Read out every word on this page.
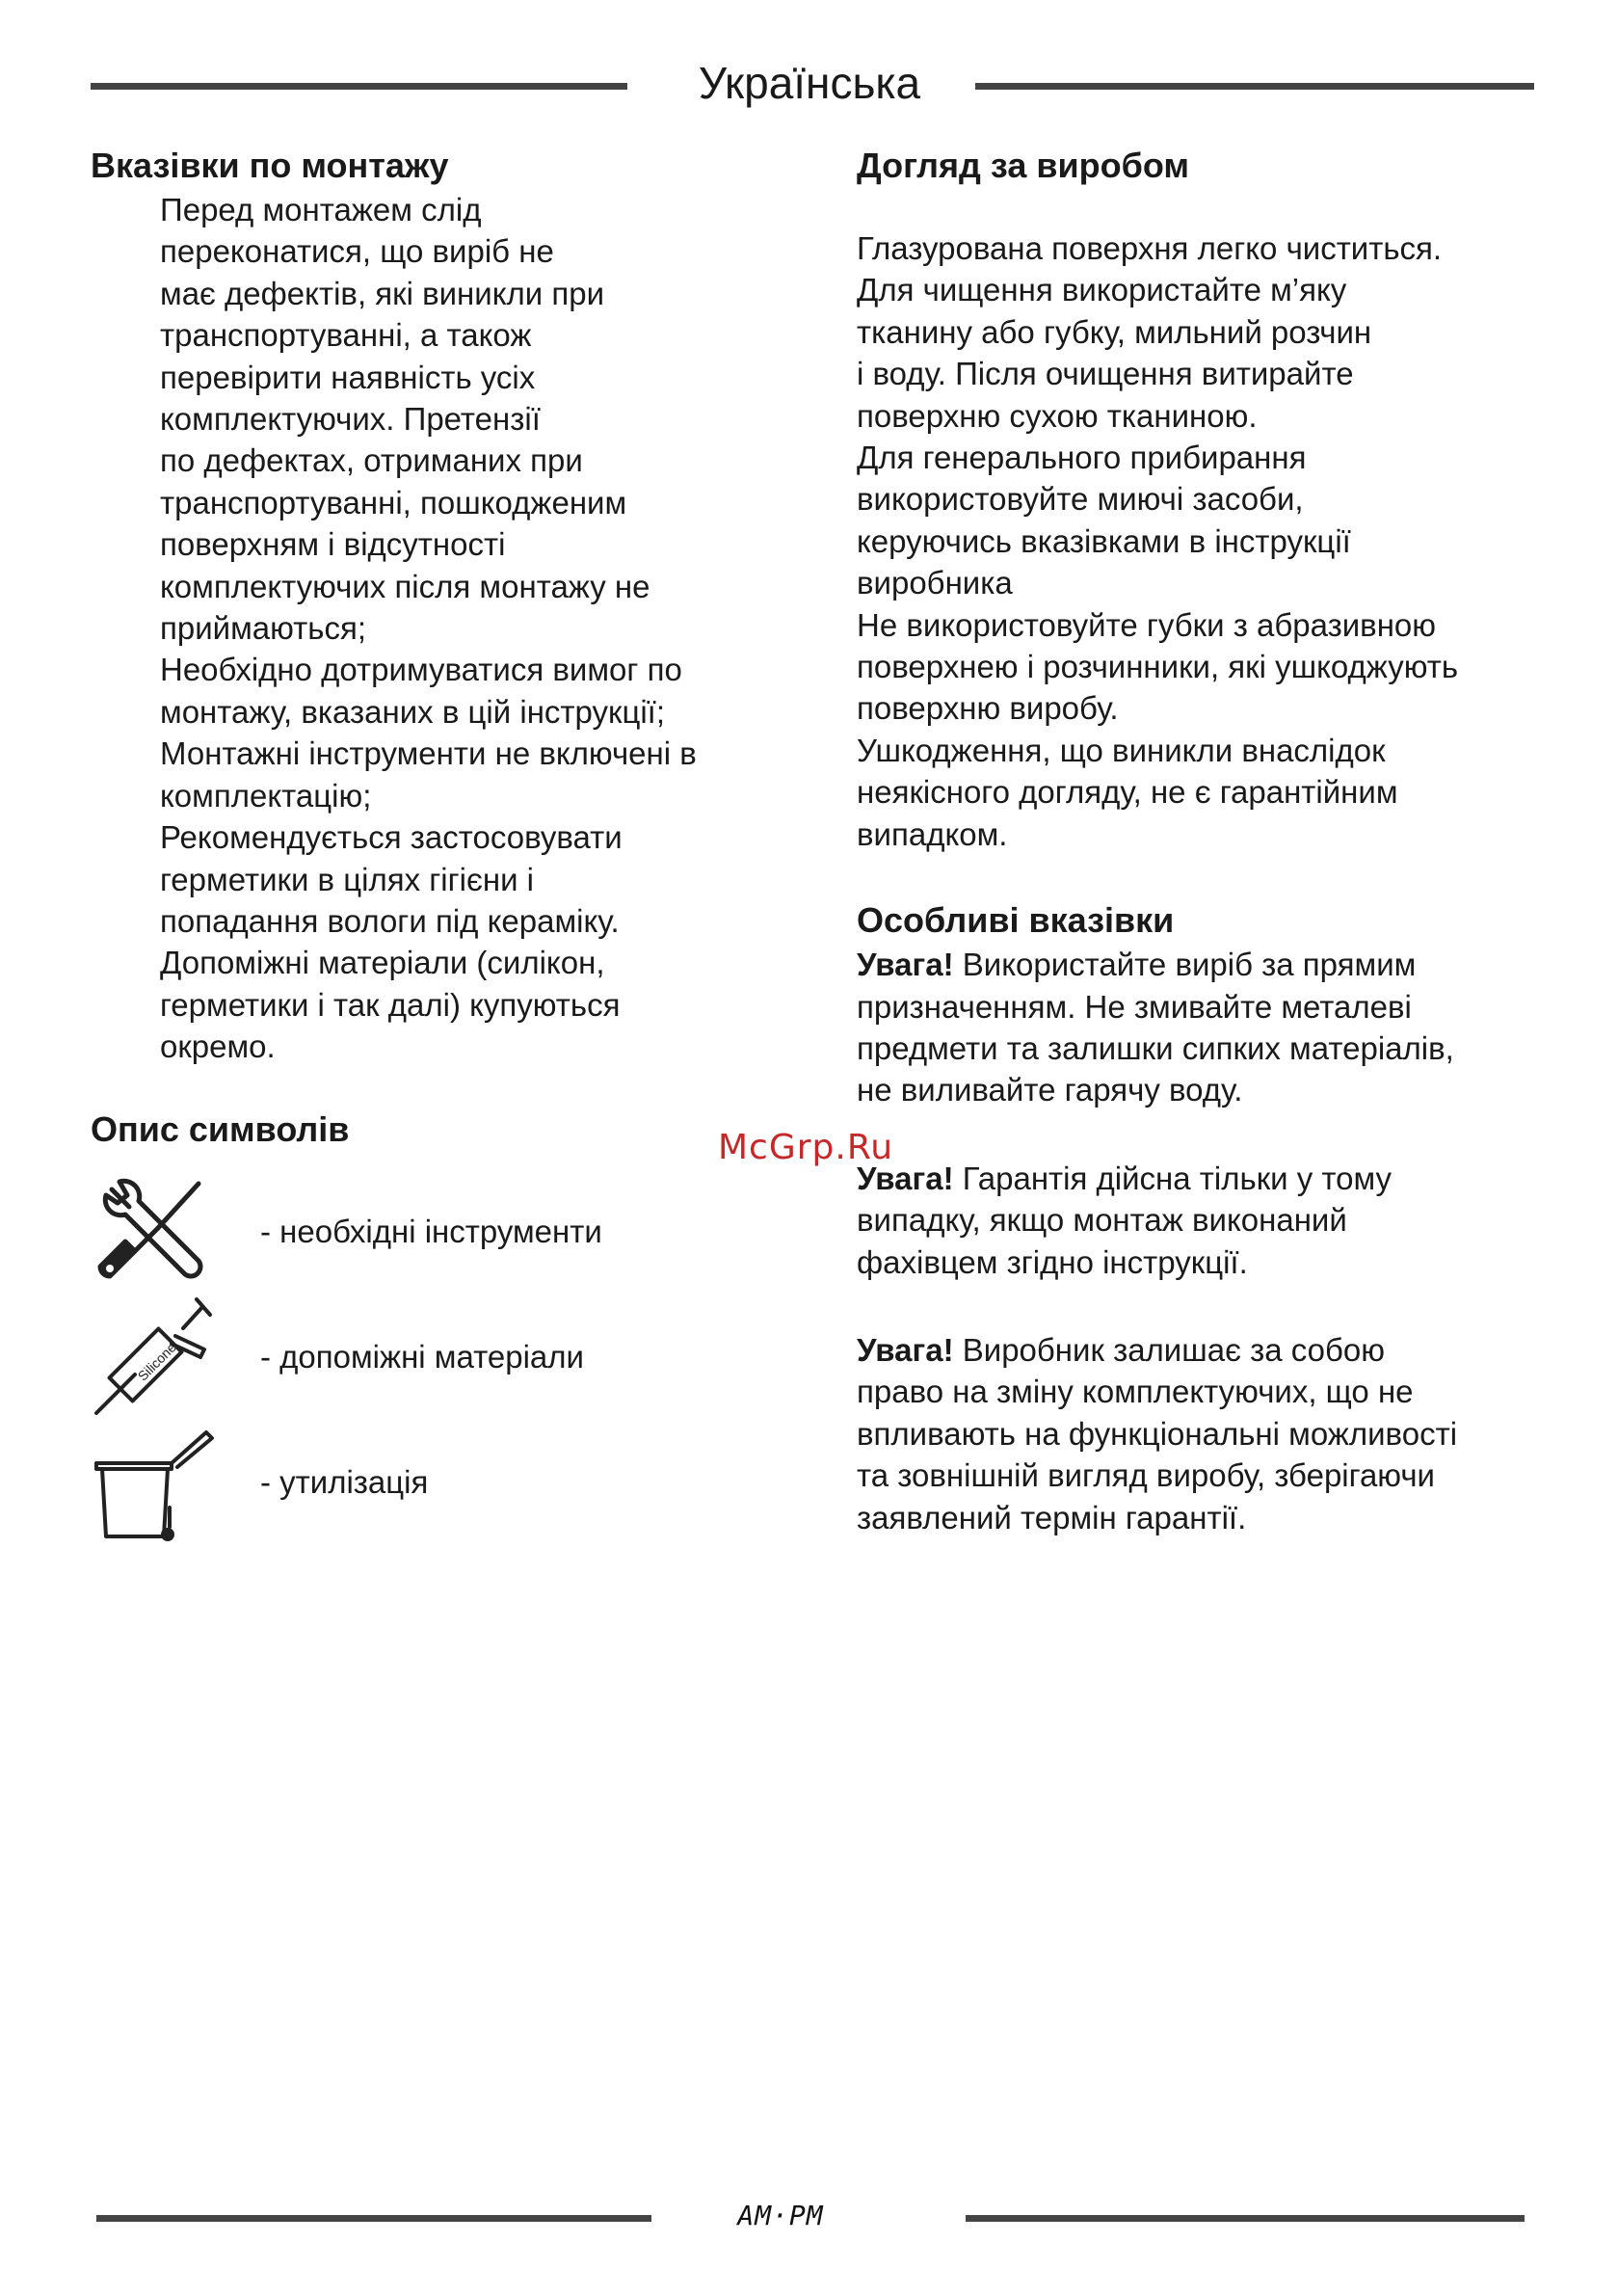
Українська
Вказівки по монтажу
Перед монтажем слід
переконатися, що виріб не
має дефектів, які виникли при
транспортуванні, а також
перевірити наявність усіх
комплектуючих. Претензії
по дефектах, отриманих при
транспортуванні, пошкодженим
поверхням і відсутності
комплектуючих після монтажу не
приймаються;
Необхідно дотримуватися вимог по
монтажу, вказаних в цій інструкції;
Монтажні інструменти не включені в
комплектацію;
Рекомендується застосовувати
герметики в цілях гігієни і
попадання вологи під кераміку.
Допоміжні матеріали (силікон,
герметики і так далі) купуються
окремо.
Опис символів	McGrp.Ru
- необхідні інструменти
Silicone	- допоміжні матеріали
- утилізація
Догляд за виробом
Глазурована поверхня легко чиститься.
Для чищення використайте м’яку
тканину або губку, мильний розчин
і воду. Після очищення витирайте
поверхню сухою тканиною.
Для генерального прибирання
використовуйте миючі засоби,
керуючись вказівками в інструкції
виробника
Не використовуйте губки з абразивною
поверхнею і розчинники, які ушкоджують
поверхню виробу.
Ушкодження, що виникли внаслідок
неякісного догляду, не є гарантійним
випадком.
Особливі вказівки
Увага! Використайте виріб за прямим
призначенням. Не змивайте металеві
предмети та залишки сипких матеріалів,
не виливайте гарячу воду.
Увага! Гарантія дійсна тільки у тому
випадку, якщо монтаж виконаний
фахівцем згідно інструкції.
Увага! Виробник залишає за собою
право на зміну комплектуючих, що не
впливають на функціональні можливості
та зовнішній вигляд виробу, зберігаючи
заявлений термін гарантії.
AM·PM
